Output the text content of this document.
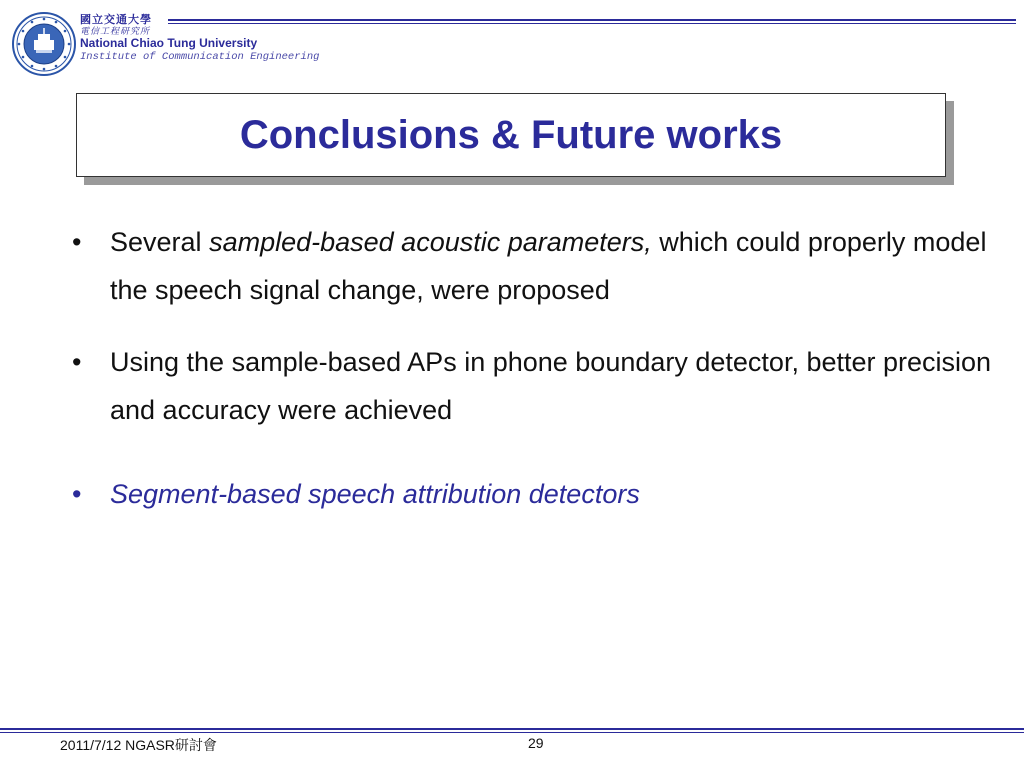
國立交通大學
電信工程研究所
National Chiao Tung University
Institute of Communication Engineering
Conclusions & Future works
• Several sampled-based acoustic parameters, which could properly model the speech signal change, were proposed
• Using the sample-based APs in phone boundary detector, better precision and accuracy were achieved
• Segment-based speech attribution detectors
2011/7/12 NGASR研討會	29
